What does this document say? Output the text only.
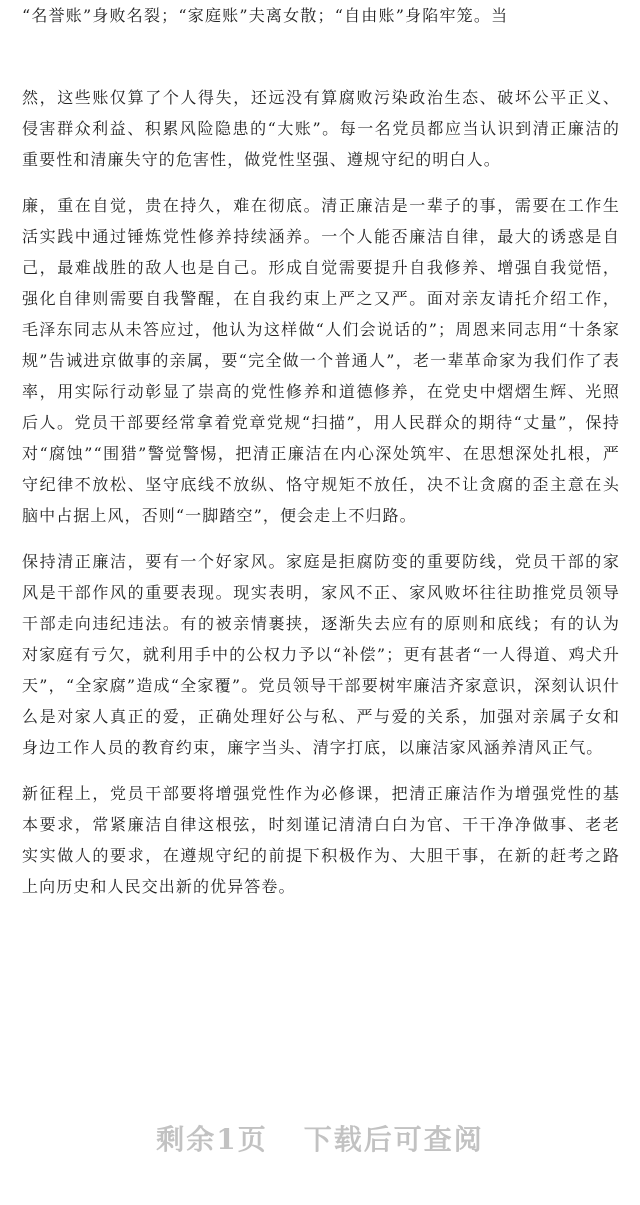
“名誉账”身败名裂；“家庭账”夫离女散；“自由账”身陷牢笼。当

然，这些账仅算了个人得失，还远没有算腐败污染政治生态、破坏公平正义、侵害群众利益、积累风险隐患的“大账”。每一名党员都应当认识到清正廉洁的重要性和清廉失守的危害性，做党性坚强、遵规守纪的明白人。

廉，重在自觉，贵在持久，难在彻底。清正廉洁是一辈子的事，需要在工作生活实践中通过锤炼党性修养持续涵养。一个人能否廉洁自律，最大的诱惑是自己，最难战胜的敌人也是自己。形成自觉需要提升自我修养、增强自我觉悟，强化自律则需要自我警醒，在自我约束上严之又严。面对亲友请托介绍工作，毛泽东同志从未答应过，他认为这样做“人们会说话的”；周恩来同志用“十条家规”告诫进京做事的亲属，要“完全做一个普通人”，老一辈革命家为我们作了表率，用实际行动彰显了崇高的党性修养和道德修养，在党史中熠熠生辉、光照后人。党员干部要经常拿着党章党规“扫描”，用人民群众的期待“丈量”，保持对“腐蚀”“围猎”警觉警惕，把清正廉洁在内心深处筑牢、在思想深处扎根，严守纪律不放松、坚守底线不放纵、恪守规矩不放任，决不让贪腐的歪主意在头脑中占据上风，否则“一脚踏空”，便会走上不归路。

保持清正廉洁，要有一个好家风。家庭是拒腐防变的重要防线，党员干部的家风是干部作风的重要表现。现实表明，家风不正、家风败坏往往助推党员领导干部走向违纪违法。有的被亲情裹挟，逐渐失去应有的原则和底线；有的认为对家庭有亏欠，就利用手中的公权力予以“补偿”；更有甚者“一人得道、鸡犬升天”，“全家腐”造成“全家覆”。党员领导干部要树牢廉洁齐家意识，深刻认识什么是对家人真正的爱，正确处理好公与私、严与爱的关系，加强对亲属子女和身边工作人员的教育约束，廉字当头、清字打底，以廉洁家风涵养清风正气。

新征程上，党员干部要将增强党性作为必修课，把清正廉洁作为增强党性的基本要求，常紧廉洁自律这根弦，时刻谨记清清白白为官、干干净净做事、老老实实做人的要求，在遵规守纪的前提下积极作为、大胆干事，在新的赶考之路上向历史和人民交出新的优异答卷。

剩余1页 下载后可查阅
